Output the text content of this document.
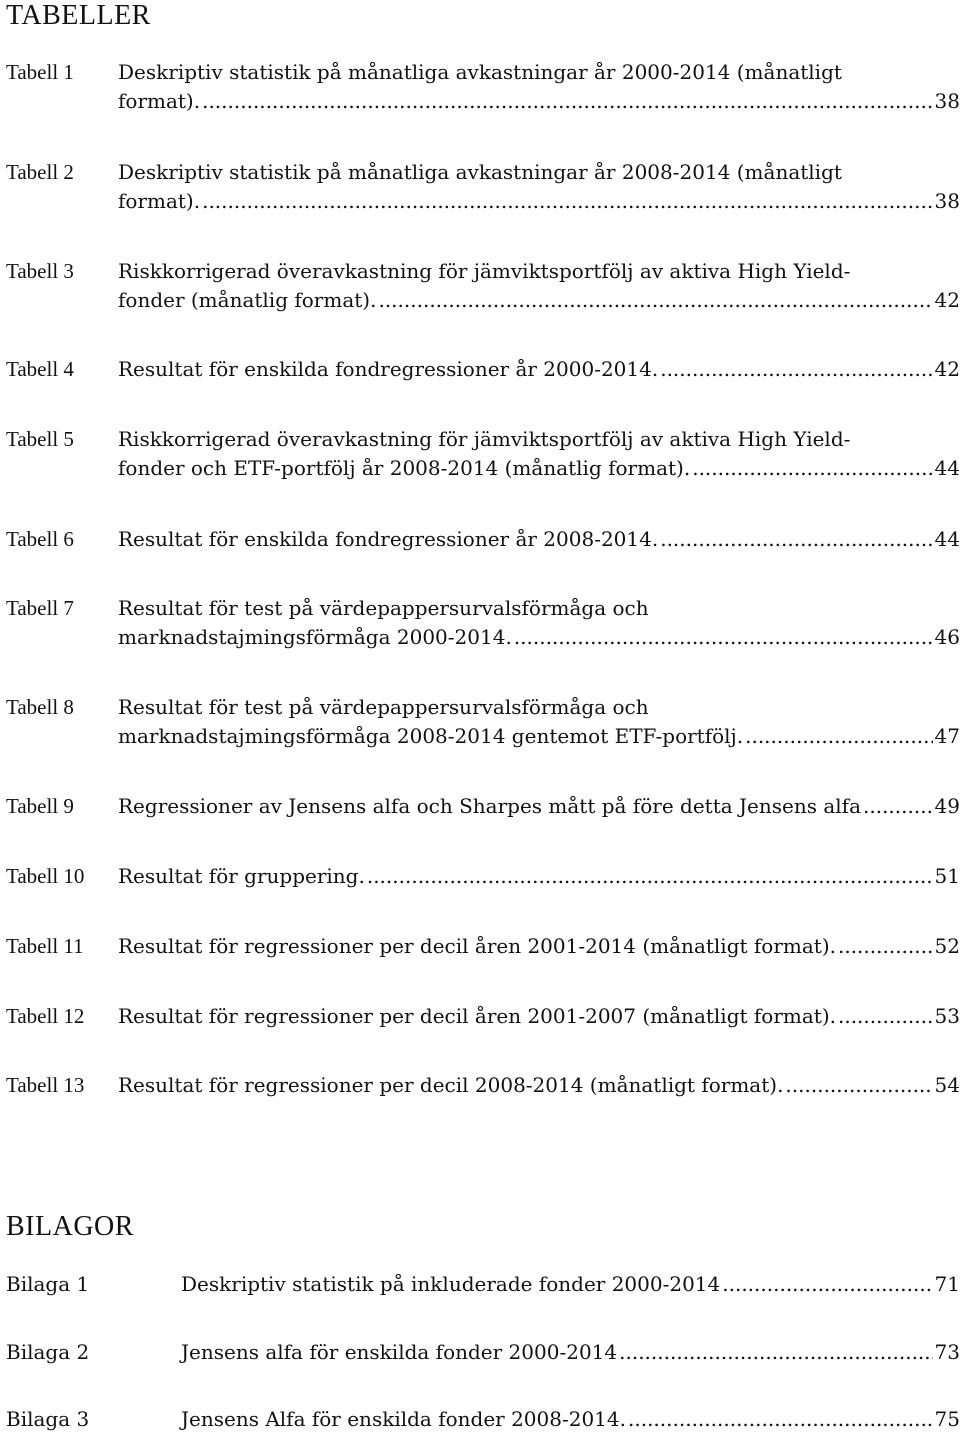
TABELLER
Tabell 1 Deskriptiv statistik på månatliga avkastningar år 2000-2014 (månatligt
format). .....	38
Tabell 2 Deskriptiv statistik på månatliga avkastningar år 2008-2014 (månatligt
format). .....	38
Tabell 3 Riskkorrigerad överavkastning för jämviktsportfölj av aktiva High Yield-
fonder (månatlig format). .....	42
Tabell 4 Resultat för enskilda fondregressioner år 2000-2014. .....	42
Tabell 5 Riskkorrigerad överavkastning för jämviktsportfölj av aktiva High Yield-
fonder och ETF-portfölj år 2008-2014 (månatlig format). .....	44
Tabell 6 Resultat för enskilda fondregressioner år 2008-2014. .....	44
Tabell 7 Resultat för test på värdepappersurvalsförmåga och
marknadstajmingsförmåga 2000-2014. .....	46
Tabell 8 Resultat för test på värdepappersurvalsförmåga och
marknadstajmingsförmåga 2008-2014 gentemot ETF-portfölj. .....	47
Tabell 9 Regressioner av Jensens alfa och Sharpes mått på före detta Jensens alfa .....	49
Tabell 10 Resultat för gruppering. .....	51
Tabell 11 Resultat för regressioner per decil åren 2001-2014 (månatligt format). .....	52
Tabell 12 Resultat för regressioner per decil åren 2001-2007 (månatligt format). .....	53
Tabell 13 Resultat för regressioner per decil 2008-2014 (månatligt format). .....	54
BILAGOR
Bilaga 1	Deskriptiv statistik på inkluderade fonder 2000-2014 .....	71
Bilaga 2	Jensens alfa för enskilda fonder 2000-2014 .....	73
Bilaga 3	Jensens Alfa för enskilda fonder 2008-2014. .....	75
